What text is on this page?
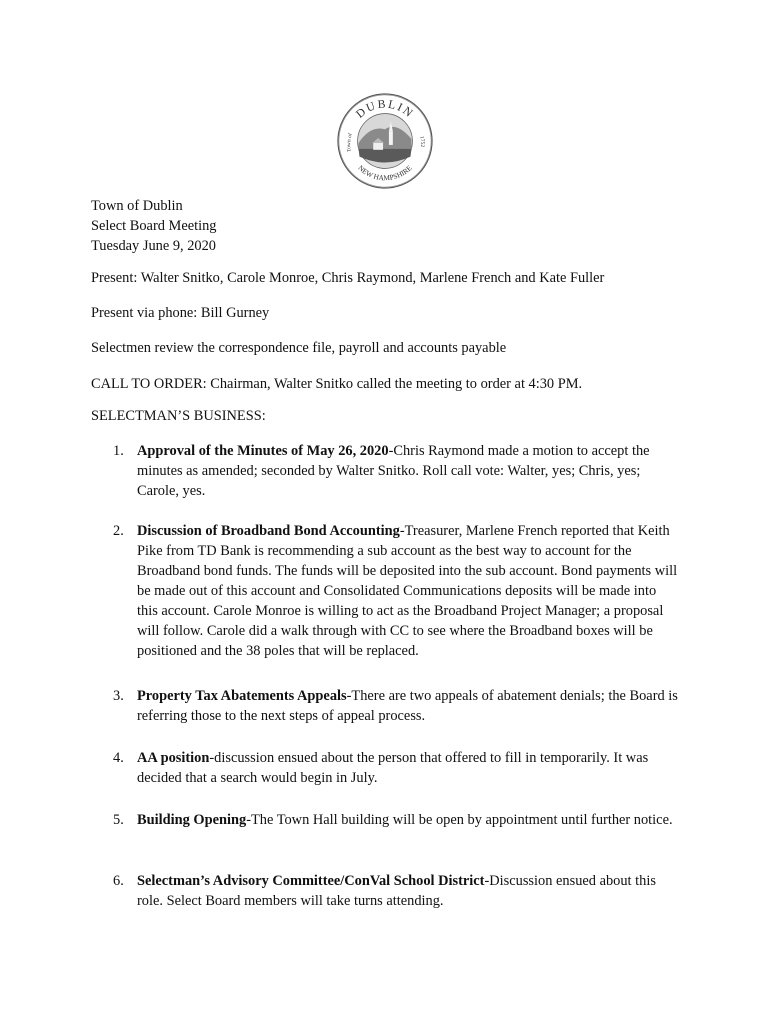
DUBLIN
NEW HAMPSHIRE
Town of
1752
Town of Dublin
Select Board Meeting
Tuesday June 9, 2020
Present: Walter Snitko, Carole Monroe, Chris Raymond, Marlene French and Kate Fuller
Present via phone: Bill Gurney
Selectmen review the correspondence file, payroll and accounts payable
CALL TO ORDER: Chairman, Walter Snitko called the meeting to order at 4:30 PM.
SELECTMAN’S BUSINESS:
1. Approval of the Minutes of May 26, 2020-Chris Raymond made a motion to accept the minutes as amended; seconded by Walter Snitko. Roll call vote: Walter, yes; Chris, yes; Carole, yes.
2. Discussion of Broadband Bond Accounting-Treasurer, Marlene French reported that Keith Pike from TD Bank is recommending a sub account as the best way to account for the Broadband bond funds. The funds will be deposited into the sub account. Bond payments will be made out of this account and Consolidated Communications deposits will be made into this account. Carole Monroe is willing to act as the Broadband Project Manager; a proposal will follow. Carole did a walk through with CC to see where the Broadband boxes will be positioned and the 38 poles that will be replaced.
3. Property Tax Abatements Appeals-There are two appeals of abatement denials; the Board is referring those to the next steps of appeal process.
4. AA position-discussion ensued about the person that offered to fill in temporarily. It was decided that a search would begin in July.
5. Building Opening-The Town Hall building will be open by appointment until further notice.
6. Selectman’s Advisory Committee/ConVal School District-Discussion ensued about this role. Select Board members will take turns attending.
